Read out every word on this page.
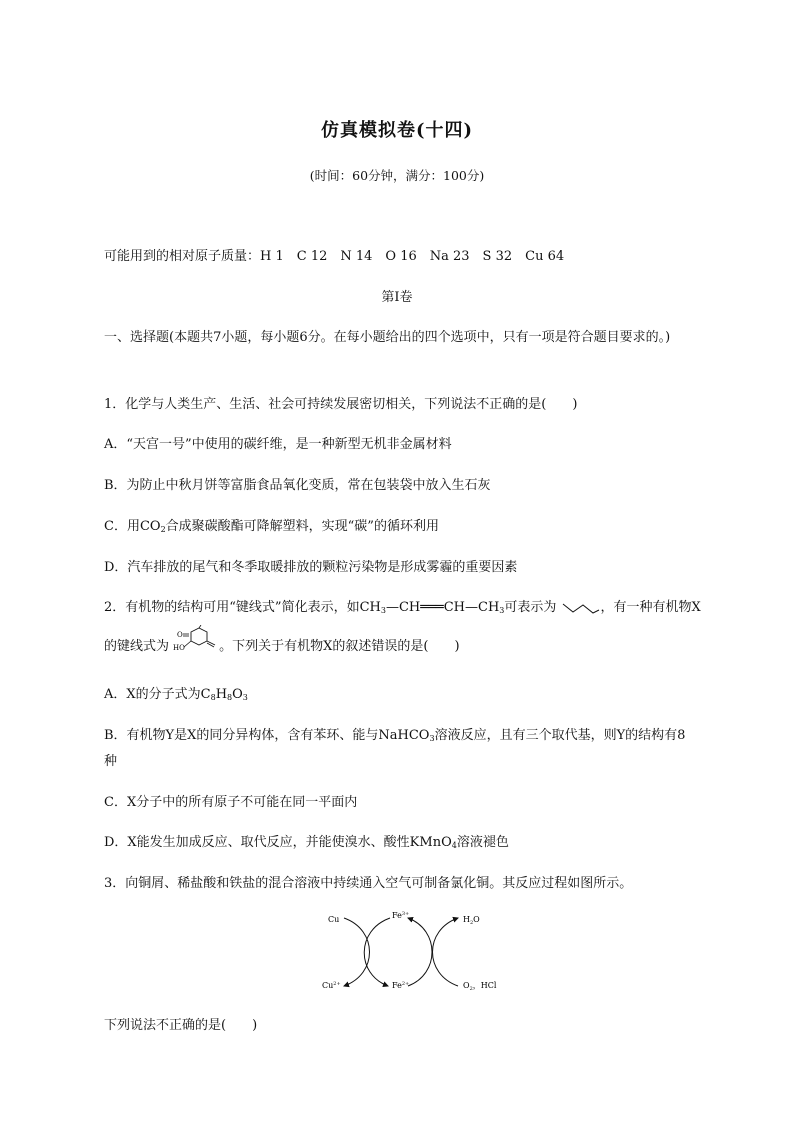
仿真模拟卷(十四)
(时间：60分钟，满分：100分)
可能用到的相对原子质量：H 1　C 12　N 14　O 16　Na 23　S 32　Cu 64
第Ⅰ卷
一、选择题(本题共7小题，每小题6分。在每小题给出的四个选项中，只有一项是符合题目要求的。)
1．化学与人类生产、生活、社会可持续发展密切相关，下列说法不正确的是(　　)
A．“天宫一号”中使用的碳纤维，是一种新型无机非金属材料
B．为防止中秋月饼等富脂食品氧化变质，常在包装袋中放入生石灰
C．用$CO_2$合成聚碳酸酯可降解塑料，实现“碳”的循环利用
D．汽车排放的尾气和冬季取暖排放的颗粒污染物是形成雾霾的重要因素
2．有机物的结构可用“键线式”简化表示，如$CH_3—CH═══CH—CH_3$可表示为	，有一种有机物X
的键线式为
O
HO	。下列关于有机物X的叙述错误的是(　　)
A．X的分子式为$C_8H_8O_3$
B．有机物Y是X的同分异构体，含有苯环、能与NaHCO$_3$溶液反应，且有三个取代基，则Y的结构有8
种
C．X分子中的所有原子不可能在同一平面内
D．X能发生加成反应、取代反应，并能使溴水、酸性KMnO$_4$溶液褪色
3．向铜屑、稀盐酸和铁盐的混合溶液中持续通入空气可制备氯化铜。其反应过程如图所示。
Cu	$Fe^{3+}$
$H_2O$
$Cu^{2+}$	$Fe^{2+}$	$O_2$，HCl
下列说法不正确的是(　　)
